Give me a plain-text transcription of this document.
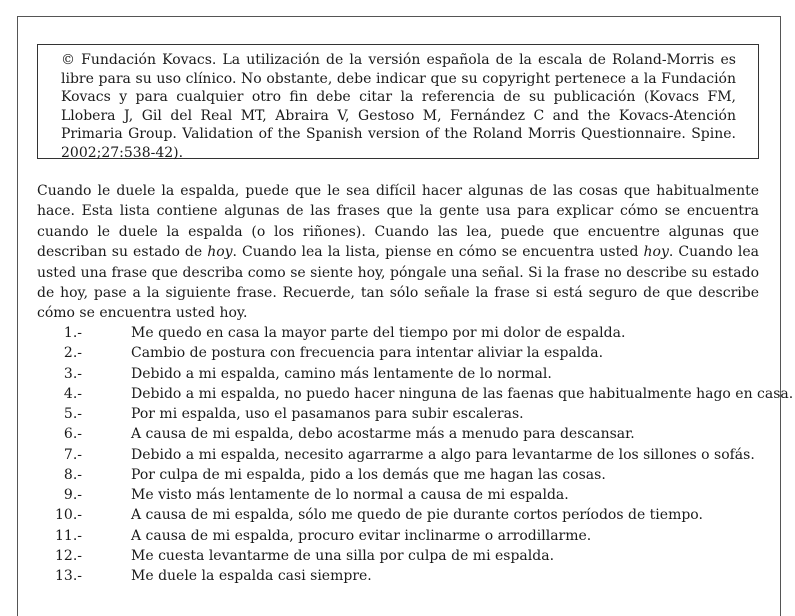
© Fundación Kovacs. La utilización de la versión española de la escala de Roland-Morris es libre para su uso clínico. No obstante, debe indicar que su copyright pertenece a la Fundación Kovacs y para cualquier otro fin debe citar la referencia de su publicación (Kovacs FM, Llobera J, Gil del Real MT, Abraira V, Gestoso M, Fernández C and the Kovacs-Atención Primaria Group. Validation of the Spanish version of the Roland Morris Questionnaire. Spine. 2002;27:538-42).
Cuando le duele la espalda, puede que le sea difícil hacer algunas de las cosas que habitualmente hace. Esta lista contiene algunas de las frases que la gente usa para explicar cómo se encuentra cuando le duele la espalda (o los riñones). Cuando las lea, puede que encuentre algunas que describan su estado de hoy. Cuando lea la lista, piense en cómo se encuentra usted hoy. Cuando lea usted una frase que describa como se siente hoy, póngale una señal. Si la frase no describe su estado de hoy, pase a la siguiente frase. Recuerde, tan sólo señale la frase si está seguro de que describe cómo se encuentra usted hoy.
1.-	Me quedo en casa la mayor parte del tiempo por mi dolor de espalda.
2.-	Cambio de postura con frecuencia para intentar aliviar la espalda.
3.-	Debido a mi espalda, camino más lentamente de lo normal.
4.-	Debido a mi espalda, no puedo hacer ninguna de las faenas que habitualmente hago en casa.
5.-	Por mi espalda, uso el pasamanos para subir escaleras.
6.-	A causa de mi espalda, debo acostarme más a menudo para descansar.
7.-	Debido a mi espalda, necesito agarrarme a algo para levantarme de los sillones o sofás.
8.-	Por culpa de mi espalda, pido a los demás que me hagan las cosas.
9.-	Me visto más lentamente de lo normal a causa de mi espalda.
10.-	A causa de mi espalda, sólo me quedo de pie durante cortos períodos de tiempo.
11.-	A causa de mi espalda, procuro evitar inclinarme o arrodillarme.
12.-	Me cuesta levantarme de una silla por culpa de mi espalda.
13.-	Me duele la espalda casi siempre.
